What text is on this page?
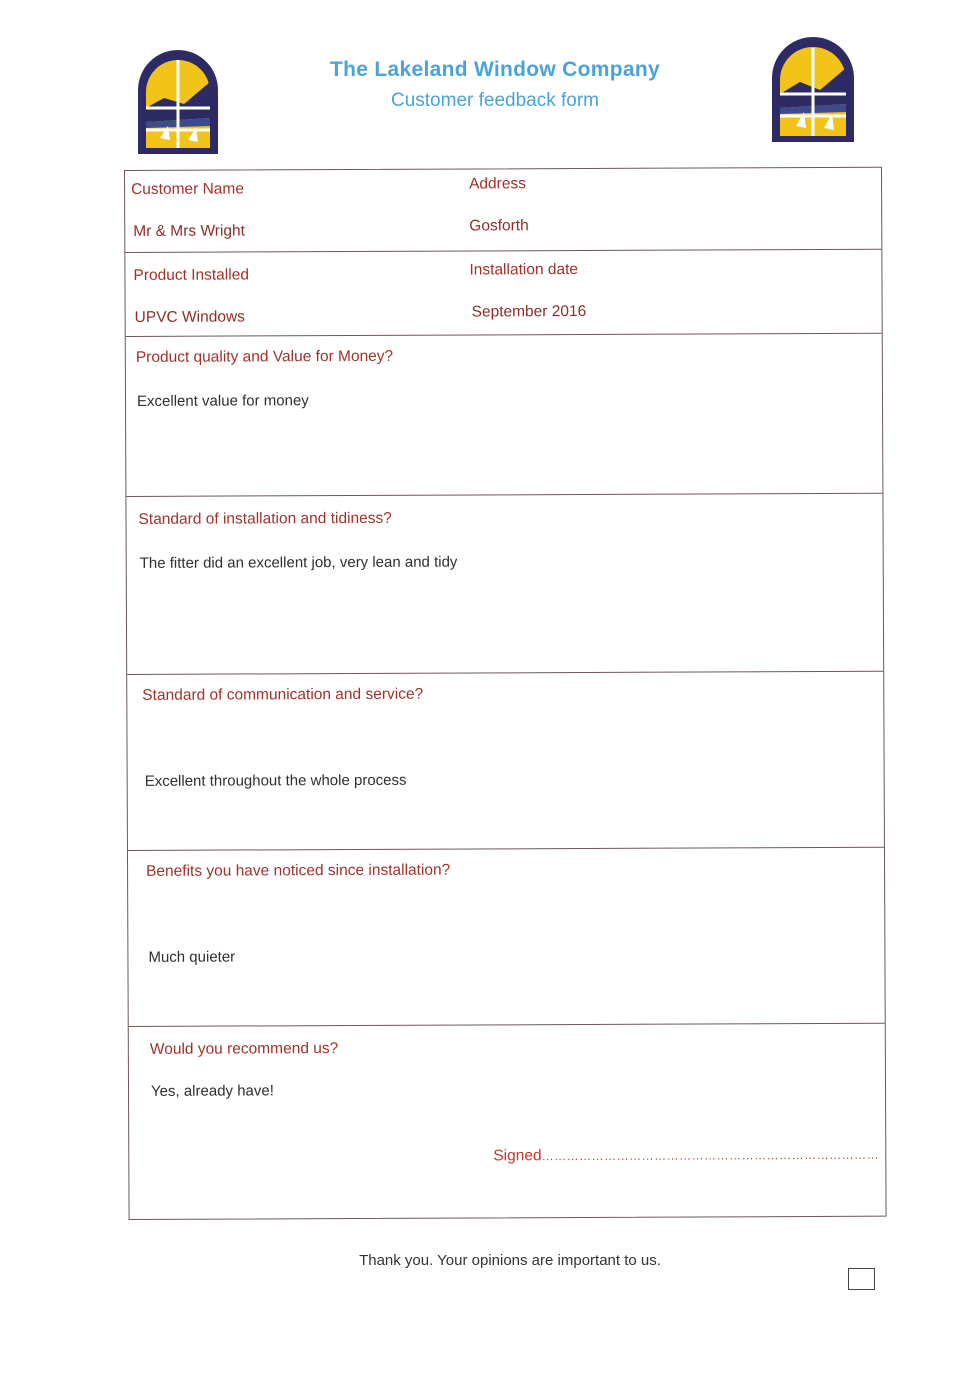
The Lakeland Window Company
Customer feedback form
Customer Name
Mr & Mrs Wright
Address
Gosforth
Product Installed
UPVC Windows
Installation date
September 2016
Product quality and Value for Money?
Excellent value for money
Standard of installation and tidiness?
The fitter did an excellent job, very lean and tidy
Standard of communication and service?
Excellent throughout the whole process
Benefits you have noticed since installation?
Much quieter
Would you recommend us?
Yes, already have!
Signed………………………………………………………………………
Thank you. Your opinions are important to us.
